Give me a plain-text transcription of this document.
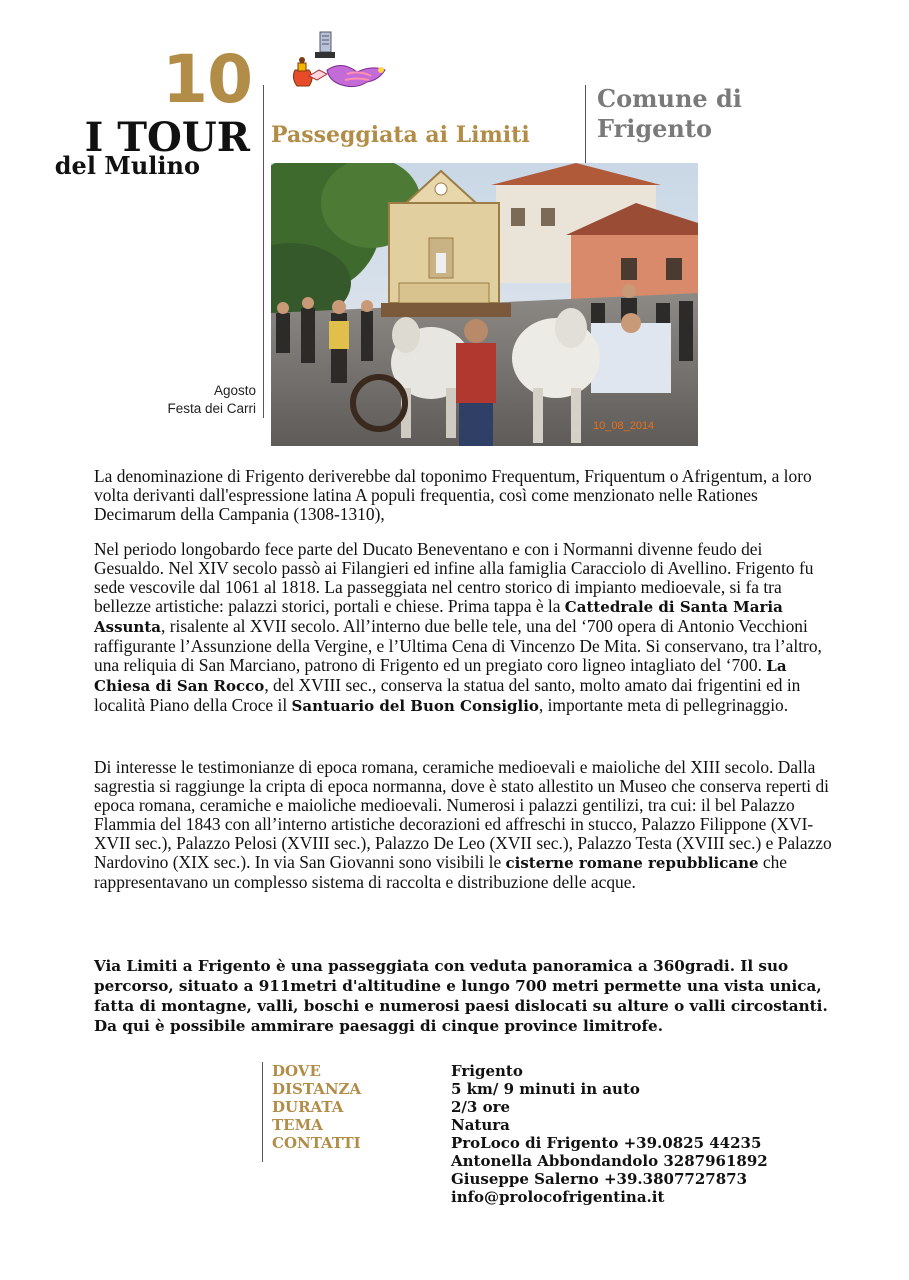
10
I TOUR
del Mulino
Passeggiata ai Limiti
Comune di
Frigento
10_08_2014
Agosto
Festa dei Carri
La denominazione di Frigento deriverebbe dal toponimo Frequentum, Friquentum o Afrigentum, a loro volta derivanti dall'espressione latina A populi frequentia, così come menzionato nelle Rationes Decimarum della Campania (1308-1310),
Nel periodo longobardo fece parte del Ducato Beneventano e con i Normanni divenne feudo dei Gesualdo. Nel XIV secolo passò ai Filangieri ed infine alla famiglia Caracciolo di Avellino. Frigento fu sede vescovile dal 1061 al 1818. La passeggiata nel centro storico di impianto medioevale, si fa tra bellezze artistiche: palazzi storici, portali e chiese. Prima tappa è la Cattedrale di Santa Maria Assunta, risalente al XVII secolo. All’interno due belle tele, una del ‘700 opera di Antonio Vecchioni raffigurante l’Assunzione della Vergine, e l’Ultima Cena di Vincenzo De Mita. Si conservano, tra l’altro, una reliquia di San Marciano, patrono di Frigento ed un pregiato coro ligneo intagliato del ‘700. La Chiesa di San Rocco, del XVIII sec., conserva la statua del santo, molto amato dai frigentini ed in località Piano della Croce il Santuario del Buon Consiglio, importante meta di pellegrinaggio.
Di interesse le testimonianze di epoca romana, ceramiche medioevali e maioliche del XIII secolo. Dalla sagrestia si raggiunge la cripta di epoca normanna, dove è stato allestito un Museo che conserva reperti di epoca romana, ceramiche e maioliche medioevali. Numerosi i palazzi gentilizi, tra cui: il bel Palazzo Flammia del 1843 con all’interno artistiche decorazioni ed affreschi in stucco, Palazzo Filippone (XVI-XVII sec.), Palazzo Pelosi (XVIII sec.), Palazzo De Leo (XVII sec.), Palazzo Testa (XVIII sec.) e Palazzo Nardovino (XIX sec.). In via San Giovanni sono visibili le cisterne romane repubblicane che rappresentavano un complesso sistema di raccolta e distribuzione delle acque.
Via Limiti a Frigento è una passeggiata con veduta panoramica a 360gradi. Il suo percorso, situato a 911metri d'altitudine e lungo 700 metri permette una vista unica, fatta di montagne, valli, boschi e numerosi paesi dislocati su alture o valli circostanti. Da qui è possibile ammirare paesaggi di cinque province limitrofe.
DOVE
DISTANZA
DURATA
TEMA
CONTATTI
Frigento
5 km/ 9 minuti in auto
2/3 ore
Natura
ProLoco di Frigento +39.0825 44235
Antonella Abbondandolo 3287961892
Giuseppe Salerno +39.3807727873
info@prolocofrigentina.it
